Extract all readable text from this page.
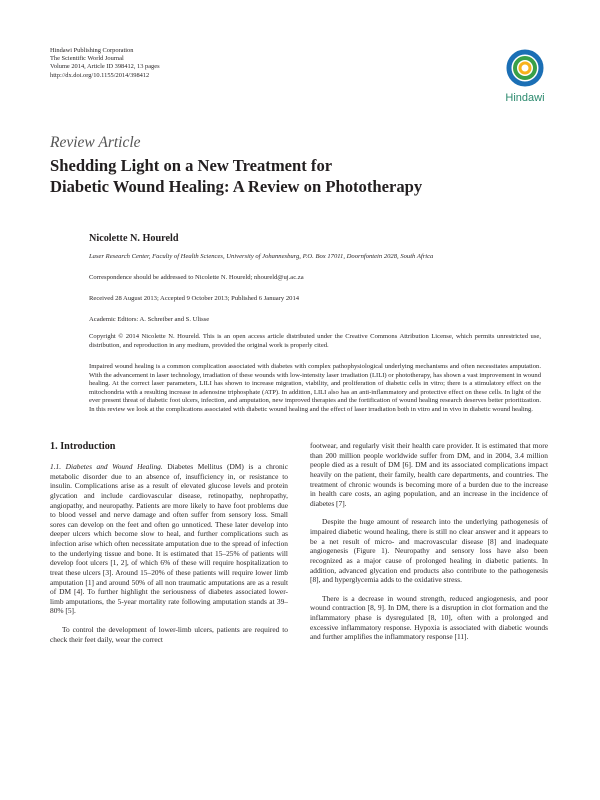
Hindawi Publishing Corporation
The Scientific World Journal
Volume 2014, Article ID 398412, 13 pages
http://dx.doi.org/10.1155/2014/398412
Hindawi
Review Article
Shedding Light on a New Treatment for
Diabetic Wound Healing: A Review on Phototherapy
Nicolette N. Houreld
Laser Research Center, Faculty of Health Sciences, University of Johannesburg, P.O. Box 17011, Doornfontein 2028, South Africa
Correspondence should be addressed to Nicolette N. Houreld; nhoureld@uj.ac.za
Received 28 August 2013; Accepted 9 October 2013; Published 6 January 2014
Academic Editors: A. Schreiber and S. Ulisse
Copyright © 2014 Nicolette N. Houreld. This is an open access article distributed under the Creative Commons Attribution License, which permits unrestricted use, distribution, and reproduction in any medium, provided the original work is properly cited.
Impaired wound healing is a common complication associated with diabetes with complex pathophysiological underlying mechanisms and often necessitates amputation. With the advancement in laser technology, irradiation of these wounds with low-intensity laser irradiation (LILI) or phototherapy, has shown a vast improvement in wound healing. At the correct laser parameters, LILI has shown to increase migration, viability, and proliferation of diabetic cells in vitro; there is a stimulatory effect on the mitochondria with a resulting increase in adenosine triphosphate (ATP). In addition, LILI also has an anti-inflammatory and protective effect on these cells. In light of the ever present threat of diabetic foot ulcers, infection, and amputation, new improved therapies and the fortification of wound healing research deserves better prioritization. In this review we look at the complications associated with diabetic wound healing and the effect of laser irradiation both in vitro and in vivo in diabetic wound healing.
1. Introduction

1.1. Diabetes and Wound Healing. Diabetes Mellitus (DM) is a chronic metabolic disorder due to an absence of, insufficiency in, or resistance to insulin. Complications arise as a result of elevated glucose levels and protein glycation and include cardiovascular disease, retinopathy, nephropathy, angiopathy, and neuropathy. Patients are more likely to have foot problems due to blood vessel and nerve damage and often suffer from sensory loss. Small sores can develop on the feet and often go unnoticed. These later develop into deeper ulcers which become slow to heal, and further complications such as infection arise which often necessitate amputation due to the spread of infection to the underlying tissue and bone. It is estimated that 15–25% of patients will develop foot ulcers [1, 2], of which 6% of these will require hospitalization to treat these ulcers [3]. Around 15–20% of these patients will require lower limb amputation [1] and around 50% of all non traumatic amputations are as a result of DM [4]. To further highlight the seriousness of diabetes associated lower-limb amputations, the 5-year mortality rate following amputation stands at 39–80% [5].

To control the development of lower-limb ulcers, patients are required to check their feet daily, wear the correct

footwear, and regularly visit their health care provider. It is estimated that more than 200 million people worldwide suffer from DM, and in 2004, 3.4 million people died as a result of DM [6]. DM and its associated complications impact heavily on the patient, their family, health care departments, and countries. The treatment of chronic wounds is becoming more of a burden due to the increase in health care costs, an aging population, and an increase in the incidence of diabetes [7].

Despite the huge amount of research into the underlying pathogenesis of impaired diabetic wound healing, there is still no clear answer and it appears to be a net result of micro- and macrovascular disease [8] and inadequate angiogenesis (Figure 1). Neuropathy and sensory loss have also been recognized as a major cause of prolonged healing in diabetic patients. In addition, advanced glycation end products also contribute to the pathogenesis [8], and hyperglycemia adds to the oxidative stress.

There is a decrease in wound strength, reduced angiogenesis, and poor wound contraction [8, 9]. In DM, there is a disruption in clot formation and the inflammatory phase is dysregulated [8, 10], often with a prolonged and excessive inflammatory response. Hypoxia is associated with diabetic wounds and further amplifies the inflammatory response [11].
